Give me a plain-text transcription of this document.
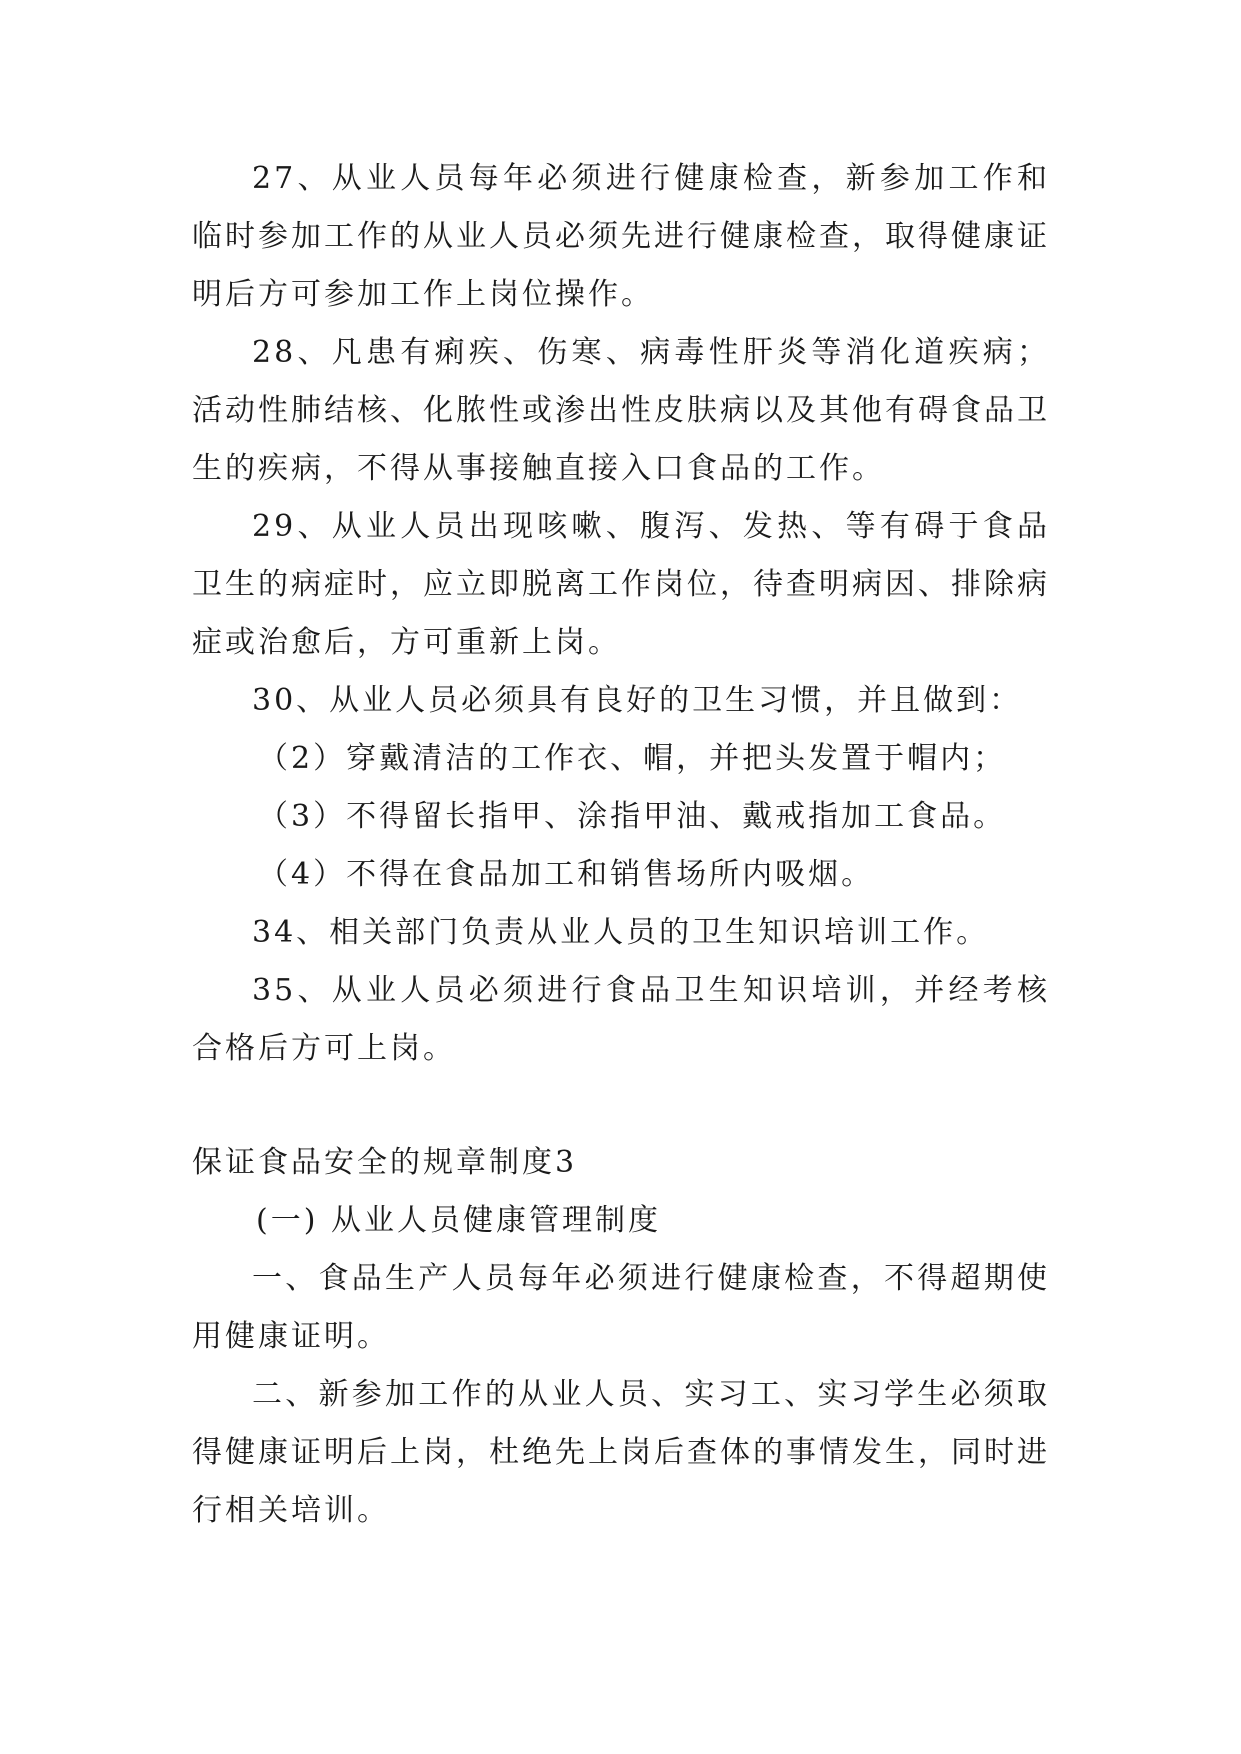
27、从业人员每年必须进行健康检查，新参加工作和临时参加工作的从业人员必须先进行健康检查，取得健康证明后方可参加工作上岗位操作。

28、凡患有痢疾、伤寒、病毒性肝炎等消化道疾病；活动性肺结核、化脓性或渗出性皮肤病以及其他有碍食品卫生的疾病，不得从事接触直接入口食品的工作。

29、从业人员出现咳嗽、腹泻、发热、等有碍于食品卫生的病症时，应立即脱离工作岗位，待查明病因、排除病症或治愈后，方可重新上岗。

30、从业人员必须具有良好的卫生习惯，并且做到：

（2）穿戴清洁的工作衣、帽，并把头发置于帽内；

（3）不得留长指甲、涂指甲油、戴戒指加工食品。

（4）不得在食品加工和销售场所内吸烟。

34、相关部门负责从业人员的卫生知识培训工作。

35、从业人员必须进行食品卫生知识培训，并经考核合格后方可上岗。

保证食品安全的规章制度3

(一) 从业人员健康管理制度

一、食品生产人员每年必须进行健康检查，不得超期使用健康证明。

二、新参加工作的从业人员、实习工、实习学生必须取得健康证明后上岗，杜绝先上岗后查体的事情发生，同时进行相关培训。
